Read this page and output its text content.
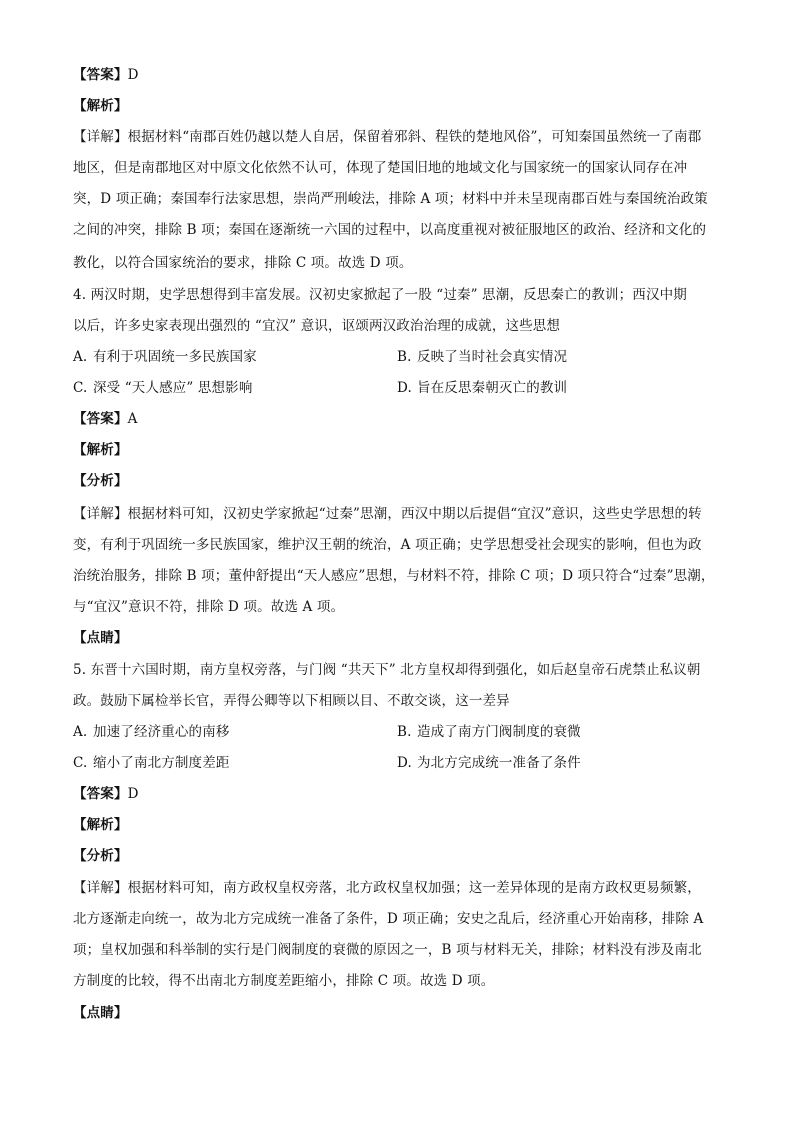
【答案】D
【解析】
【详解】根据材料“南郡百姓仍越以楚人自居，保留着邪斜、程铁的楚地风俗”，可知秦国虽然统一了南郡
地区，但是南郡地区对中原文化依然不认可，体现了楚国旧地的地域文化与国家统一的国家认同存在冲
突，D 项正确；秦国奉行法家思想，崇尚严刑峻法，排除 A 项；材料中并未呈现南郡百姓与秦国统治政策
之间的冲突，排除 B 项；秦国在逐渐统一六国的过程中，以高度重视对被征服地区的政治、经济和文化的
教化，以符合国家统治的要求，排除 C 项。故选 D 项。
4. 两汉时期，史学思想得到丰富发展。汉初史家掀起了一股 “过秦” 思潮，反思秦亡的教训；西汉中期
以后，许多史家表现出强烈的 “宜汉” 意识，讴颂两汉政治治理的成就，这些思想
A. 有利于巩固统一多民族国家	B. 反映了当时社会真实情况
C. 深受 “天人感应” 思想影响	D. 旨在反思秦朝灭亡的教训
【答案】A
【解析】
【分析】
【详解】根据材料可知，汉初史学家掀起“过秦”思潮，西汉中期以后提倡“宜汉”意识，这些史学思想的转
变，有利于巩固统一多民族国家，维护汉王朝的统治，A 项正确；史学思想受社会现实的影响，但也为政
治统治服务，排除 B 项；董仲舒提出“天人感应”思想，与材料不符，排除 C 项；D 项只符合“过秦”思潮，
与“宜汉”意识不符，排除 D 项。故选 A 项。
【点睛】
5. 东晋十六国时期，南方皇权旁落，与门阀 “共天下” 北方皇权却得到强化，如后赵皇帝石虎禁止私议朝
政。鼓励下属检举长官，弄得公卿等以下相顾以目、不敢交谈，这一差异
A. 加速了经济重心的南移	B. 造成了南方门阀制度的衰微
C. 缩小了南北方制度差距	D. 为北方完成统一准备了条件
【答案】D
【解析】
【分析】
【详解】根据材料可知，南方政权皇权旁落，北方政权皇权加强；这一差异体现的是南方政权更易频繁，
北方逐渐走向统一，故为北方完成统一准备了条件，D 项正确；安史之乱后，经济重心开始南移，排除 A
项；皇权加强和科举制的实行是门阀制度的衰微的原因之一，B 项与材料无关，排除；材料没有涉及南北
方制度的比较，得不出南北方制度差距缩小，排除 C 项。故选 D 项。
【点睛】
